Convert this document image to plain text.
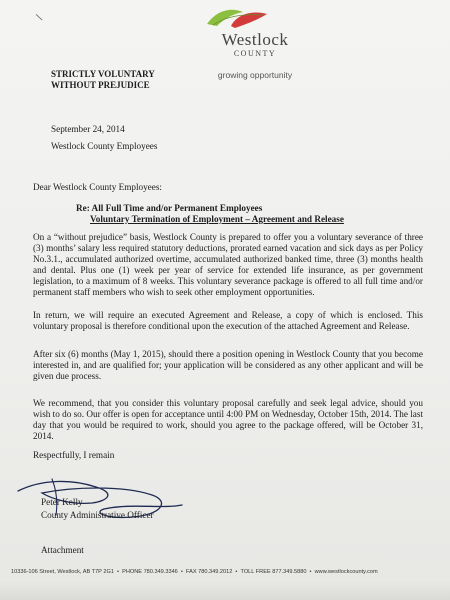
\
Westlock
COUNTY
growing opportunity
STRICTLY VOLUNTARY
WITHOUT PREJUDICE
September 24, 2014
Westlock County Employees
Dear Westlock County Employees:
Re: All Full Time and/or Permanent Employees
Voluntary Termination of Employment – Agreement and Release
On a “without prejudice” basis, Westlock County is prepared to offer you a voluntary severance of three (3) months’ salary less required statutory deductions, prorated earned vacation and sick days as per Policy No.3.1., accumulated authorized overtime, accumulated authorized banked time, three (3) months health and dental. Plus one (1) week per year of service for extended life insurance, as per government legislation, to a maximum of 8 weeks. This voluntary severance package is offered to all full time and/or permanent staff members who wish to seek other employment opportunities.
In return, we will require an executed Agreement and Release, a copy of which is enclosed. This voluntary proposal is therefore conditional upon the execution of the attached Agreement and Release.
After six (6) months (May 1, 2015), should there a position opening in Westlock County that you become interested in, and are qualified for; your application will be considered as any other applicant and will be given due process.
We recommend, that you consider this voluntary proposal carefully and seek legal advice, should you wish to do so. Our offer is open for acceptance until 4:00 PM on Wednesday, October 15th, 2014. The last day that you would be required to work, should you agree to the package offered, will be October 31, 2014.
Respectfully, I remain
Peter Kelly
County Administrative Officer
Attachment
10336-106 Street, Westlock, AB T7P 2G1 •  PHONE 780.349.3346 •  FAX 780.349.2012 •  TOLL FREE 877.349.5880 •  www.westlockcounty.com
